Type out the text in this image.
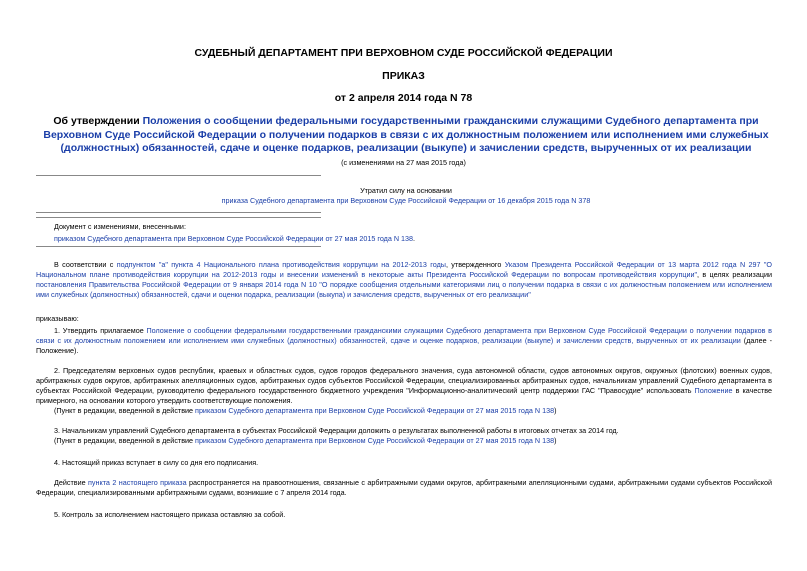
СУДЕБНЫЙ ДЕПАРТАМЕНТ ПРИ ВЕРХОВНОМ СУДЕ РОССИЙСКОЙ ФЕДЕРАЦИИ
ПРИКАЗ
от 2 апреля 2014 года N 78
Об утверждении Положения о сообщении федеральными государственными гражданскими служащими Судебного департамента при Верховном Суде Российской Федерации о получении подарков в связи с их должностным положением или исполнением ими служебных (должностных) обязанностей, сдаче и оценке подарков, реализации (выкупе) и зачислении средств, вырученных от их реализации
(с изменениями на 27 мая 2015 года)
Утратил силу на основании
приказа Судебного департамента при Верховном Суде Российской Федерации от 16 декабря 2015 года N 378
Документ с изменениями, внесенными:
приказом Судебного департамента при Верховном Суде Российской Федерации от 27 мая 2015 года N 138.
В соответствии с подпунктом "а" пункта 4 Национального плана противодействия коррупции на 2012-2013 годы, утвержденного Указом Президента Российской Федерации от 13 марта 2012 года N 297 "О Национальном плане противодействия коррупции на 2012-2013 годы и внесении изменений в некоторые акты Президента Российской Федерации по вопросам противодействия коррупции", в целях реализации постановления Правительства Российской Федерации от 9 января 2014 года N 10 "О порядке сообщения отдельными категориями лиц о получении подарка в связи с их должностным положением или исполнением ими служебных (должностных) обязанностей, сдачи и оценки подарка, реализации (выкупа) и зачисления средств, вырученных от его реализации"
приказываю:
1. Утвердить прилагаемое Положение о сообщении федеральными государственными гражданскими служащими Судебного департамента при Верховном Суде Российской Федерации о получении подарков в связи с их должностным положением или исполнением ими служебных (должностных) обязанностей, сдаче и оценке подарков, реализации (выкупе) и зачислении средств, вырученных от их реализации (далее - Положение).
2. Председателям верховных судов республик, краевых и областных судов, судов городов федерального значения, суда автономной области, судов автономных округов, окружных (флотских) военных судов, арбитражных судов округов, арбитражных апелляционных судов, арбитражных судов субъектов Российской Федерации, специализированных арбитражных судов, начальникам управлений Судебного департамента в субъектах Российской Федерации, руководителю федерального государственного бюджетного учреждения "Информационно-аналитический центр поддержки ГАС "Правосудие" использовать Положение в качестве примерного, на основании которого утвердить соответствующие положения.
(Пункт в редакции, введенной в действие приказом Судебного департамента при Верховном Суде Российской Федерации от 27 мая 2015 года N 138)
3. Начальникам управлений Судебного департамента в субъектах Российской Федерации доложить о результатах выполненной работы в итоговых отчетах за 2014 год.
(Пункт в редакции, введенной в действие приказом Судебного департамента при Верховном Суде Российской Федерации от 27 мая 2015 года N 138)
4. Настоящий приказ вступает в силу со дня его подписания.
Действие пункта 2 настоящего приказа распространяется на правоотношения, связанные с арбитражными судами округов, арбитражными апелляционными судами, арбитражными судами субъектов Российской Федерации, специализированными арбитражными судами, возникшие с 7 апреля 2014 года.
5. Контроль за исполнением настоящего приказа оставляю за собой.
